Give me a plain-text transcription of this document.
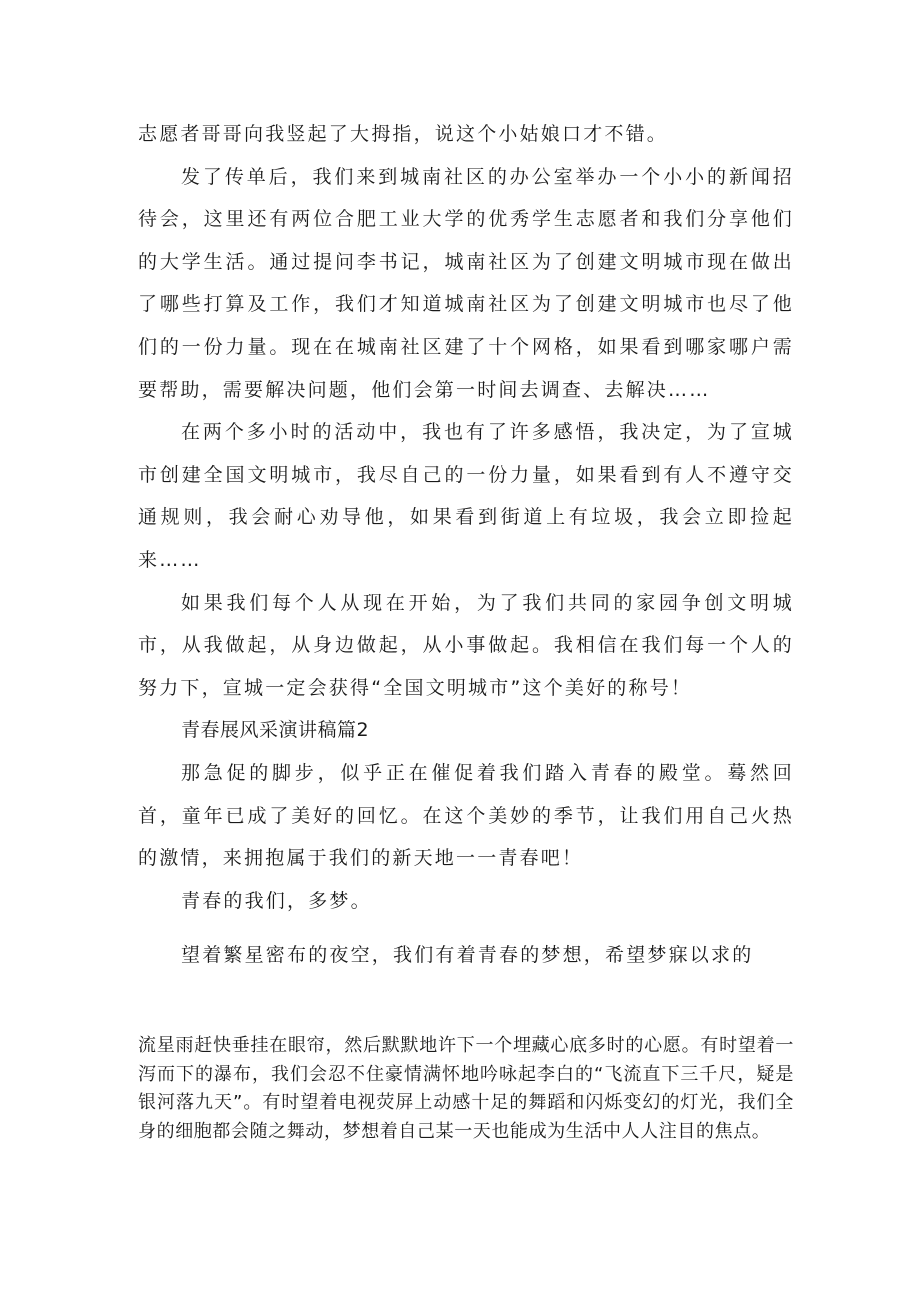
志愿者哥哥向我竖起了大拇指，说这个小姑娘口才不错。

发了传单后，我们来到城南社区的办公室举办一个小小的新闻招待会，这里还有两位合肥工业大学的优秀学生志愿者和我们分享他们的大学生活。通过提问李书记，城南社区为了创建文明城市现在做出了哪些打算及工作，我们才知道城南社区为了创建文明城市也尽了他们的一份力量。现在在城南社区建了十个网格，如果看到哪家哪户需要帮助，需要解决问题，他们会第一时间去调查、去解决……

在两个多小时的活动中，我也有了许多感悟，我决定，为了宣城市创建全国文明城市，我尽自己的一份力量，如果看到有人不遵守交通规则，我会耐心劝导他，如果看到街道上有垃圾，我会立即捡起来……

如果我们每个人从现在开始，为了我们共同的家园争创文明城市，从我做起，从身边做起，从小事做起。我相信在我们每一个人的努力下，宣城一定会获得“全国文明城市”这个美好的称号！

青春展风采演讲稿篇2

那急促的脚步，似乎正在催促着我们踏入青春的殿堂。蓦然回首，童年已成了美好的回忆。在这个美妙的季节，让我们用自己火热的激情，来拥抱属于我们的新天地一一青春吧！

青春的我们，多梦。

望着繁星密布的夜空，我们有着青春的梦想，希望梦寐以求的

流星雨赶快垂挂在眼帘，然后默默地许下一个埋藏心底多时的心愿。有时望着一泻而下的瀑布，我们会忍不住豪情满怀地吟咏起李白的“飞流直下三千尺，疑是银河落九天”。有时望着电视荧屏上动感十足的舞蹈和闪烁变幻的灯光，我们全身的细胞都会随之舞动，梦想着自己某一天也能成为生活中人人注目的焦点。
